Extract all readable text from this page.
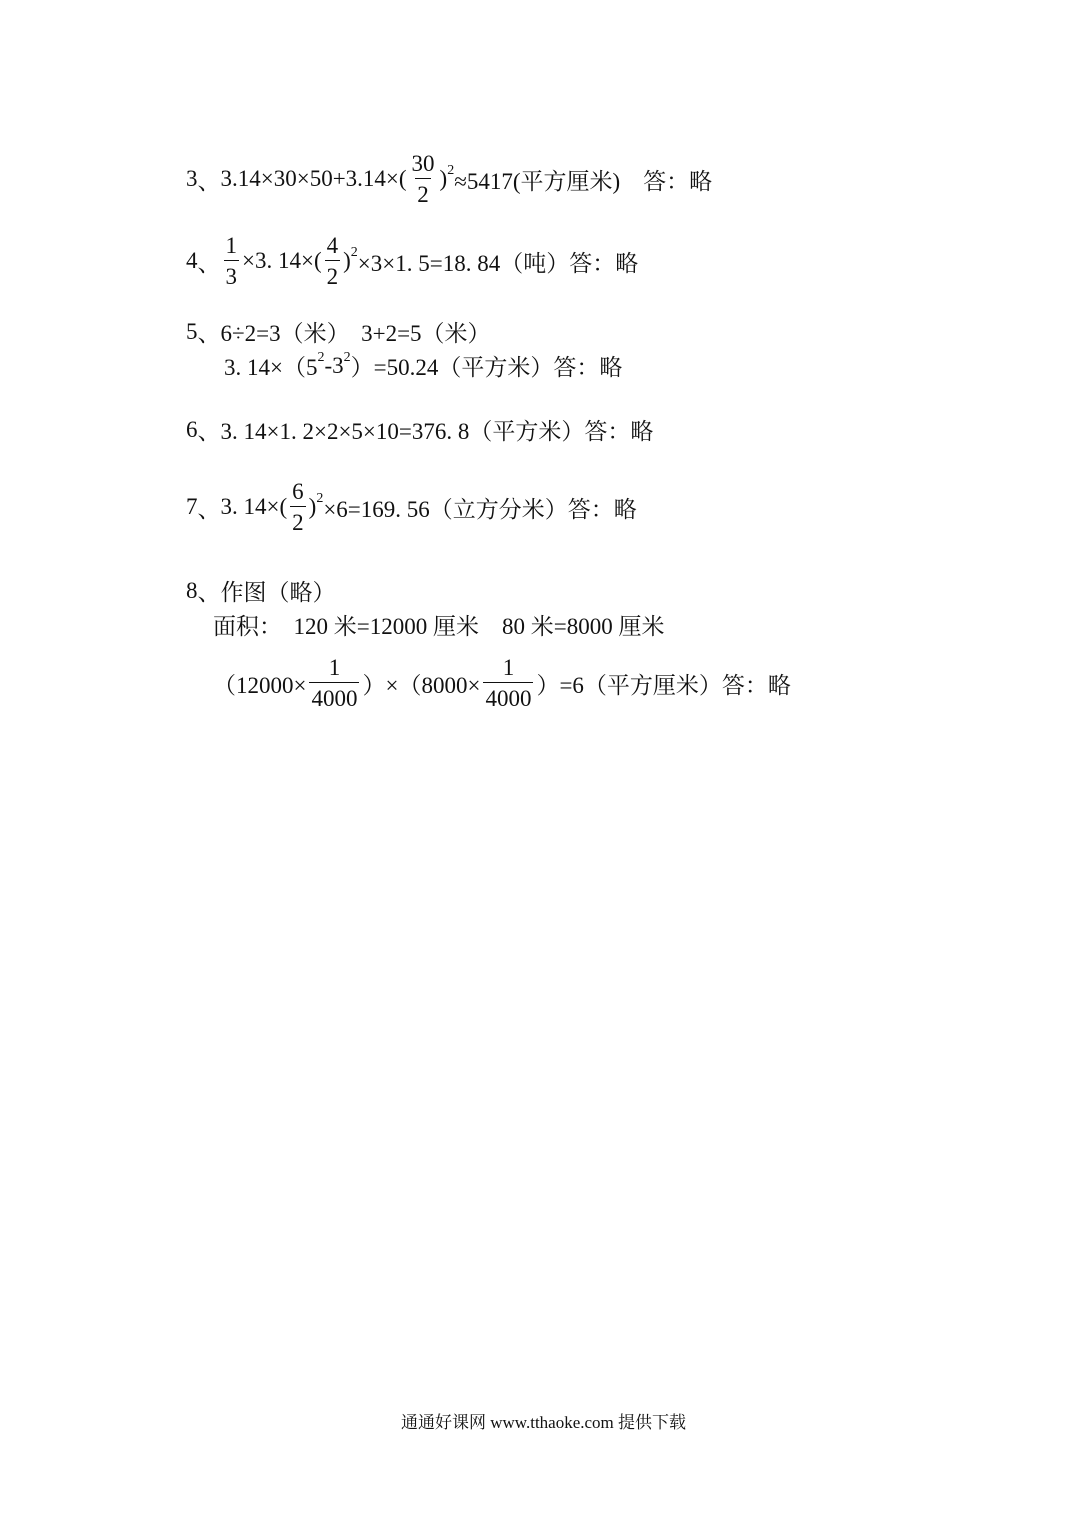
3 、 $3.14\times 30\times 50+3.14\times( \frac{30}{2} )^2 \approx 5417$(平方厘米)　答：略
4 、 $\frac{1}{3} \times 3$. $14\times( \frac{4}{2} )^2 \times 3\times 1$. 5=18. 84（吨）答：略
5 、 6÷2=3（米）　3+2=5（米）
3. $14\times(5^2$ $-3^2$ ）=50.24（平方米）答：略
6 、 3. 14×1. 2×2×5×10=376. 8（平方米）答：略
7 、 3. $14\times( \frac{6}{2} )^2 \times 6=169$. 56（立方分米）答：略
8 、 作图（略）
面积：　120 米=12000 厘米　80 米=8000 厘米
$(12000\times \frac{1}{4000} )\times(8000\times \frac{1}{4000} )=6$（平方厘米）答：略
通通好课网 www.tthaoke.com 提供下载
